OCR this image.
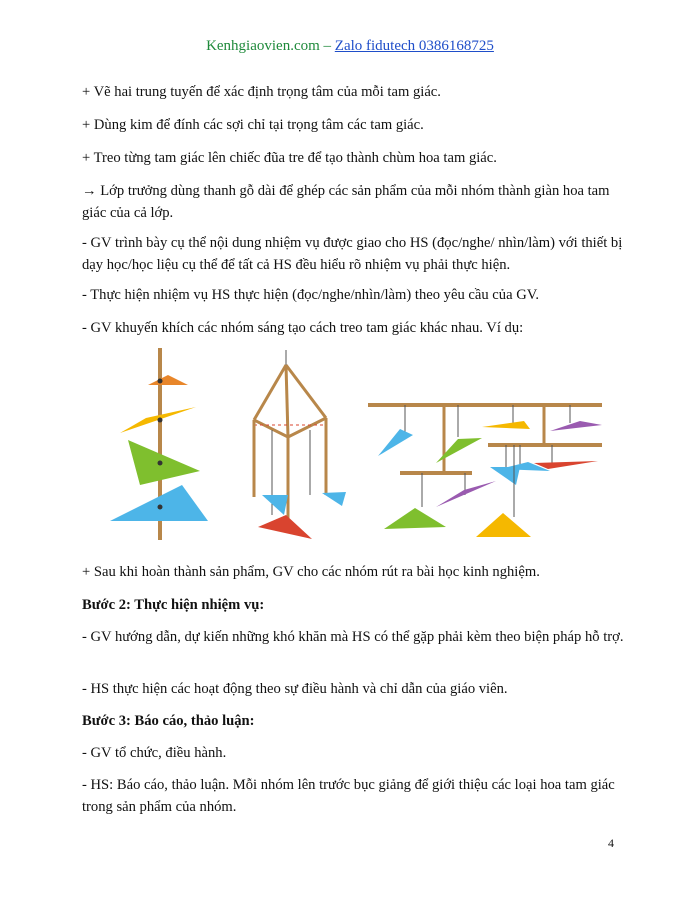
Kenhgiaovien.com – Zalo fidutech 0386168725
+ Vẽ hai trung tuyến để xác định trọng tâm của mỗi tam giác.
+ Dùng kim để đính các sợi chỉ tại trọng tâm các tam giác.
+ Treo từng tam giác lên chiếc đũa tre để tạo thành chùm hoa tam giác.
→ Lớp trưởng dùng thanh gỗ dài để ghép các sản phẩm của mỗi nhóm thành giàn hoa tam giác của cả lớp.
- GV trình bày cụ thể nội dung nhiệm vụ được giao cho HS (đọc/nghe/ nhìn/làm) với thiết bị dạy học/học liệu cụ thể để tất cả HS đều hiểu rõ nhiệm vụ phải thực hiện.
- Thực hiện nhiệm vụ HS thực hiện (đọc/nghe/nhìn/làm) theo yêu cầu của GV.
- GV khuyến khích các nhóm sáng tạo cách treo tam giác khác nhau. Ví dụ:
+ Sau khi hoàn thành sản phẩm, GV cho các nhóm rút ra bài học kinh nghiệm.
Bước 2: Thực hiện nhiệm vụ:
- GV hướng dẫn, dự kiến những khó khăn mà HS có thể gặp phải kèm theo biện pháp hỗ trợ.
- HS thực hiện các hoạt động theo sự điều hành và chỉ dẫn của giáo viên.
Bước 3: Báo cáo, thảo luận:
- GV tổ chức, điều hành.
- HS: Báo cáo, thảo luận. Mỗi nhóm lên trước bục giảng để giới thiệu các loại hoa tam giác trong sản phẩm của nhóm.
4
